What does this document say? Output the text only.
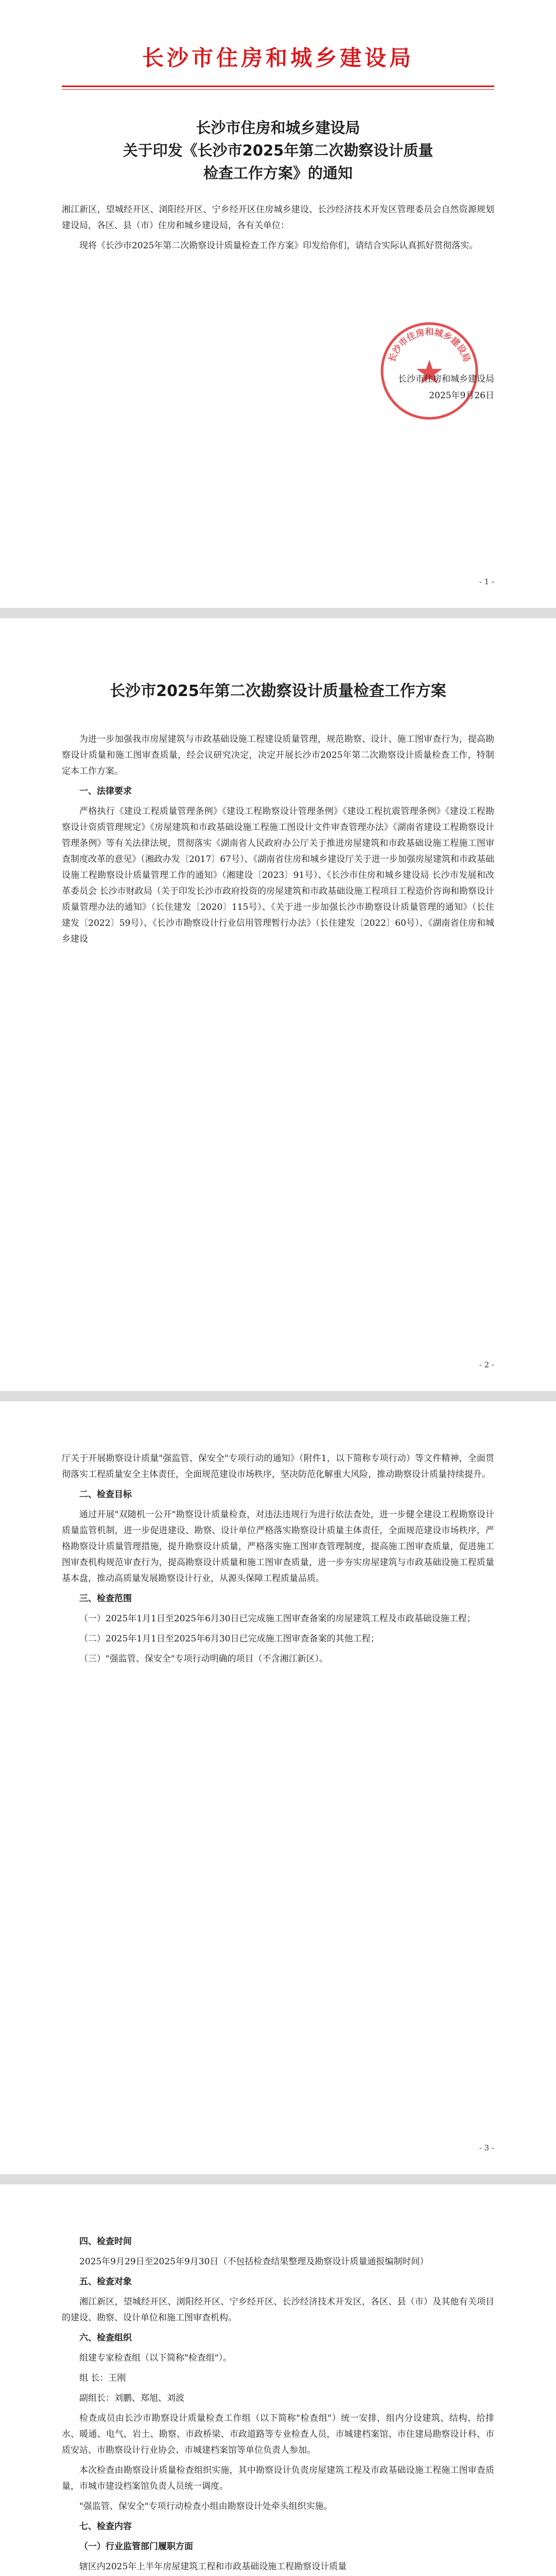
长沙市住房和城乡建设局

长沙市住房和城乡建设局

关于印发《长沙市2025年第二次勘察设计质量

检查工作方案》的通知

湘江新区，望城经开区、浏阳经开区、宁乡经开区住房城乡建设、长沙经济技术开发区管理委员会自然资源规划建设局，各区、县（市）住房和城乡建设局，各有关单位：

现将《长沙市2025年第二次勘察设计质量检查工作方案》印发给你们，请结合实际认真抓好贯彻落实。

长沙市住房和城乡建设局
长沙市住房和城乡建设局
2025年9月26日
- 1 -
长沙市2025年第二次勘察设计质量检查工作方案

为进一步加强我市房屋建筑与市政基础设施工程建设质量管理，规范勘察、设计、施工图审查行为，提高勘察设计质量和施工图审查质量，经会议研究决定，决定开展长沙市2025年第二次勘察设计质量检查工作，特制定本工作方案。

一、法律要求

严格执行《建设工程质量管理条例》《建设工程勘察设计管理条例》《建设工程抗震管理条例》《建设工程勘察设计资质管理规定》《房屋建筑和市政基础设施工程施工图设计文件审查管理办法》《湖南省建设工程勘察设计管理条例》等有关法律法规，贯彻落实《湖南省人民政府办公厅关于推进房屋建筑和市政基础设施工程施工图审查制度改革的意见》（湘政办发〔2017〕67号）、《湖南省住房和城乡建设厅关于进一步加强房屋建筑和市政基础设施工程勘察设计质量管理工作的通知》（湘建设〔2023〕91号）、《长沙市住房和城乡建设局 长沙市发展和改革委员会 长沙市财政局（关于印发长沙市政府投资的房屋建筑和市政基础设施工程项目工程造价咨询和勘察设计质量管理办法的通知》（长住建发〔2020〕115号）、《关于进一步加强长沙市勘察设计质量管理的通知》（长住建发〔2022〕59号）、《长沙市勘察设计行业信用管理暂行办法》（长住建发〔2022〕60号）、《湖南省住房和城乡建设

- 2 -

厅关于开展勘察设计质量"强监管、保安全"专项行动的通知》（附件1，以下简称专项行动）等文件精神，全面贯彻落实工程质量安全主体责任，全面规范建设市场秩序，坚决防范化解重大风险，推动勘察设计质量持续提升。

二、检查目标

通过开展"双随机一公开"勘察设计质量检查，对违法违规行为进行依法查处，进一步健全建设工程勘察设计质量监管机制，进一步促进建设、勘察、设计单位严格落实勘察设计质量主体责任，全面规范建设市场秩序，严格勘察设计质量管理措施，提升勘察设计质量，严格落实施工图审查管理制度，提高施工图审查质量，促进施工图审查机构规范审查行为，提高勘察设计质量和施工图审查质量，进一步夯实房屋建筑与市政基础设施工程质量基本盘，推动高质量发展勘察设计行业，从源头保障工程质量品质。

三、检查范围

（一）2025年1月1日至2025年6月30日已完成施工图审查备案的房屋建筑工程及市政基础设施工程；

（二）2025年1月1日至2025年6月30日已完成施工图审查备案的其他工程；

（三）"强监管、保安全"专项行动明确的项目（不含湘江新区）。

- 3 -

四、检查时间

2025年9月29日至2025年9月30日（不包括检查结果整理及勘察设计质量通报编制时间）

五、检查对象

湘江新区，望城经开区、浏阳经开区、宁乡经开区、长沙经济技术开发区，各区、县（市）及其他有关项目的建设、勘察、设计单位和施工图审查机构。

六、检查组织

组建专家检查组（以下简称"检查组"）。

组 长：王刚

副组长：刘鹏、郑旭、刘波

检查成员由长沙市勘察设计质量检查工作组（以下简称"检查组"）统一安排，组内分设建筑、结构、给排水、暖通、电气、岩土、勘察、市政桥梁、市政道路等专业检查人员，市城建档案馆、市住建局勘察设计科、市质安站、市勘察设计行业协会、市城建档案馆等单位负责人参加。

本次检查由勘察设计质量检查组织实施，其中勘察设计负责房屋建筑工程及市政基础设施工程施工图审查质量，市城市建设档案馆负责人员统一调度。

"强监管、保安全"专项行动检查小组由勘察设计处牵头组织实施。

七、检查内容

（一）行业监管部门履职方面

辖区内2025年上半年房屋建筑工程和市政基础设施工程勘察设计质量
